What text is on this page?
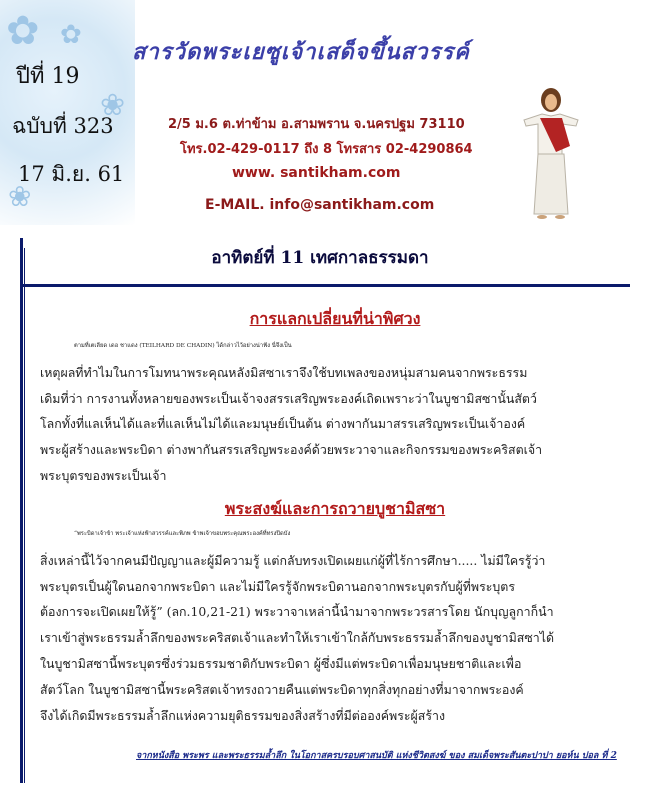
✿ ✿
❀
❀
ปีที่ 19
ฉบับที่ 323
17 มิ.ย. 61
สารวัดพระเยซูเจ้าเสด็จขึ้นสวรรค์
2/5 ม.6 ต.ท่าข้าม อ.สามพราน จ.นครปฐม 73110
โทร.02-429-0117 ถึง 8 โทรสาร 02-4290864
www. santikham.com
E-MAIL. info@santikham.com
อาทิตย์ที่ 11 เทศกาลธรรมดา
การแลกเปลี่ยนที่น่าพิศวง
ตามที่เตเลียด เดอ ชาแดง (TEILHARD DE CHADIN) ได้กล่าวไว้อย่างน่าฟัง นี่จึงเป็น
เหตุผลที่ทำไมในการโมทนาพระคุณหลังมิสซาเราจึงใช้บทเพลงของหนุ่มสามคนจากพระธรรม
เดิมที่ว่า การงานทั้งหลายของพระเป็นเจ้าจงสรรเสริญพระองค์เถิดเพราะว่าในบูชามิสซานั้นสัตว์
โลกทั้งที่แลเห็นได้และที่แลเห็นไม่ได้และมนุษย์เป็นต้น ต่างพากันมาสรรเสริญพระเป็นเจ้าองค์
พระผู้สร้างและพระบิดา ต่างพากันสรรเสริญพระองค์ด้วยพระวาจาและกิจกรรมของพระคริสตเจ้า
พระบุตรของพระเป็นเจ้า
พระสงฆ์และการถวายบูชามิสซา
“พระบิดาเจ้าข้า พระเจ้าแห่งฟ้าสวรรค์และพิภพ ข้าพเจ้าขอบพระคุณพระองค์ที่ทรงปิดบัง
สิ่งเหล่านี้ไว้จากคนมีปัญญาและผู้มีความรู้ แต่กลับทรงเปิดเผยแก่ผู้ที่ไร้การศึกษา..... ไม่มีใครรู้ว่า
พระบุตรเป็นผู้ใดนอกจากพระบิดา และไม่มีใครรู้จักพระบิดานอกจากพระบุตรกับผู้ที่พระบุตร
ต้องการจะเปิดเผยให้รู้” (ลก.10,21-21) พระวาจาเหล่านี้นำมาจากพระวรสารโดย นักบุญลูกาก็นำ
เราเข้าสู่พระธรรมล้ำลึกของพระคริสตเจ้าและทำให้เราเข้าใกล้กับพระธรรมล้ำลึกของบูชามิสซาได้
ในบูชามิสซานี้พระบุตรซึ่งร่วมธรรมชาติกับพระบิดา ผู้ซึ่งมีแต่พระบิดาเพื่อมนุษยชาติและเพื่อ
สัตว์โลก ในบูชามิสซานี้พระคริสตเจ้าทรงถวายคืนแต่พระบิดาทุกสิ่งทุกอย่างที่มาจากพระองค์
จึงได้เกิดมีพระธรรมล้ำลึกแห่งความยุติธรรมของสิ่งสร้างที่มีต่อองค์พระผู้สร้าง
จากหนังสือ พระพร และพระธรรมล้ำลึก ในโอกาสครบรอบศาสนบัติ แห่งชีวิตสงฆ์ ของ สมเด็จพระสันตะปาปา ยอห์น ปอล ที่ 2
